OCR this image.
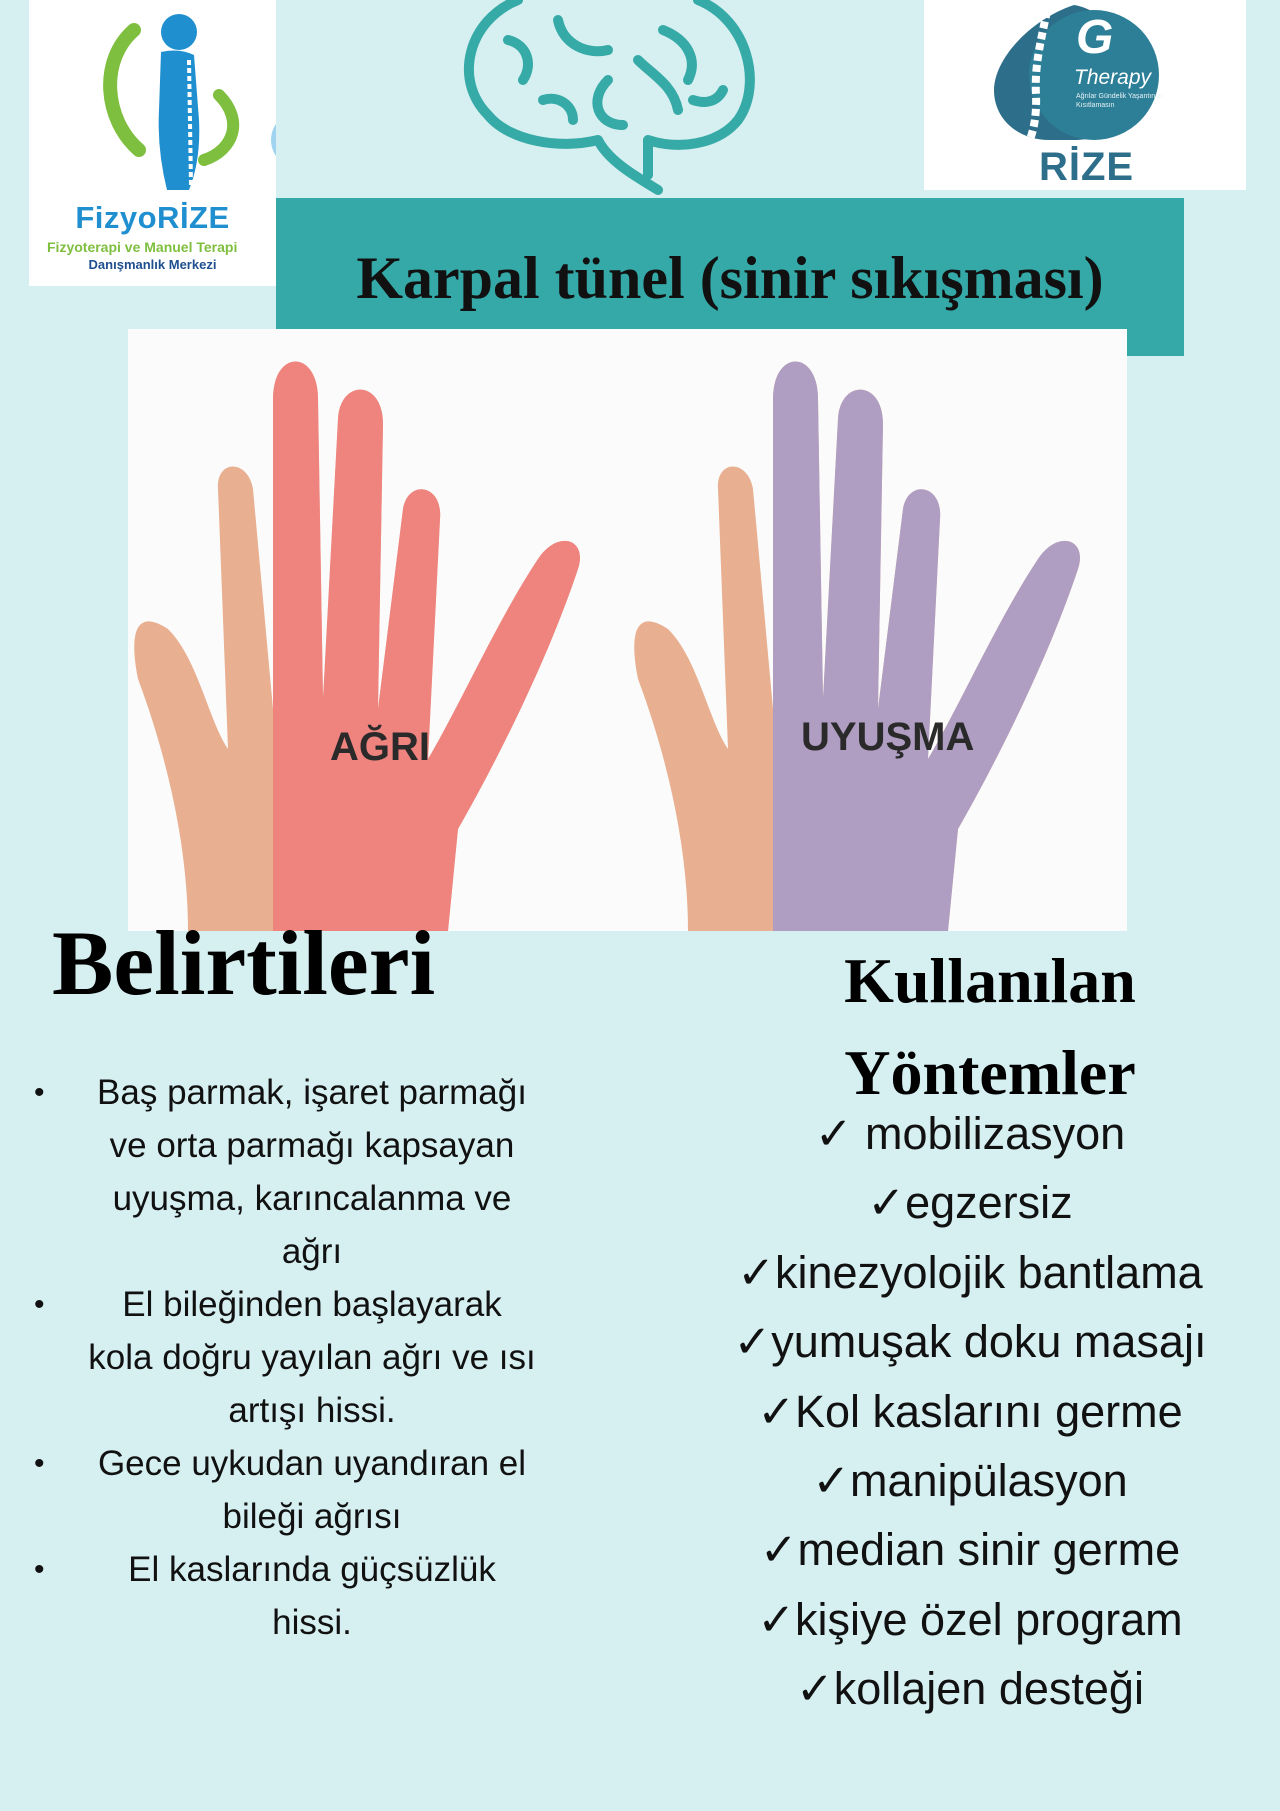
FizyoRİZE
Fizyoterapi ve Manuel Terapi
Danışmanlık Merkezi
G
Therapy
Ağrılar Gündelik Yaşantınızı Kısıtlamasın
RİZE
AĞRI	UYUŞMA
Karpal tünel (sinir sıkışması)
Belirtileri
• Baş parmak, işaret parmağı ve orta parmağı kapsayan uyuşma, karıncalanma ve ağrı
• El bileğinden başlayarak kola doğru yayılan ağrı ve ısı artışı hissi.
• Gece uykudan uyandıran el bileği ağrısı
• El kaslarında güçsüzlük hissi.
Kullanılan Yöntemler
✓ mobilizasyon
✓egzersiz
✓kinezyolojik bantlama
✓yumuşak doku masajı
✓Kol kaslarını germe
✓manipülasyon
✓median sinir germe
✓kişiye özel program
✓kollajen desteği
